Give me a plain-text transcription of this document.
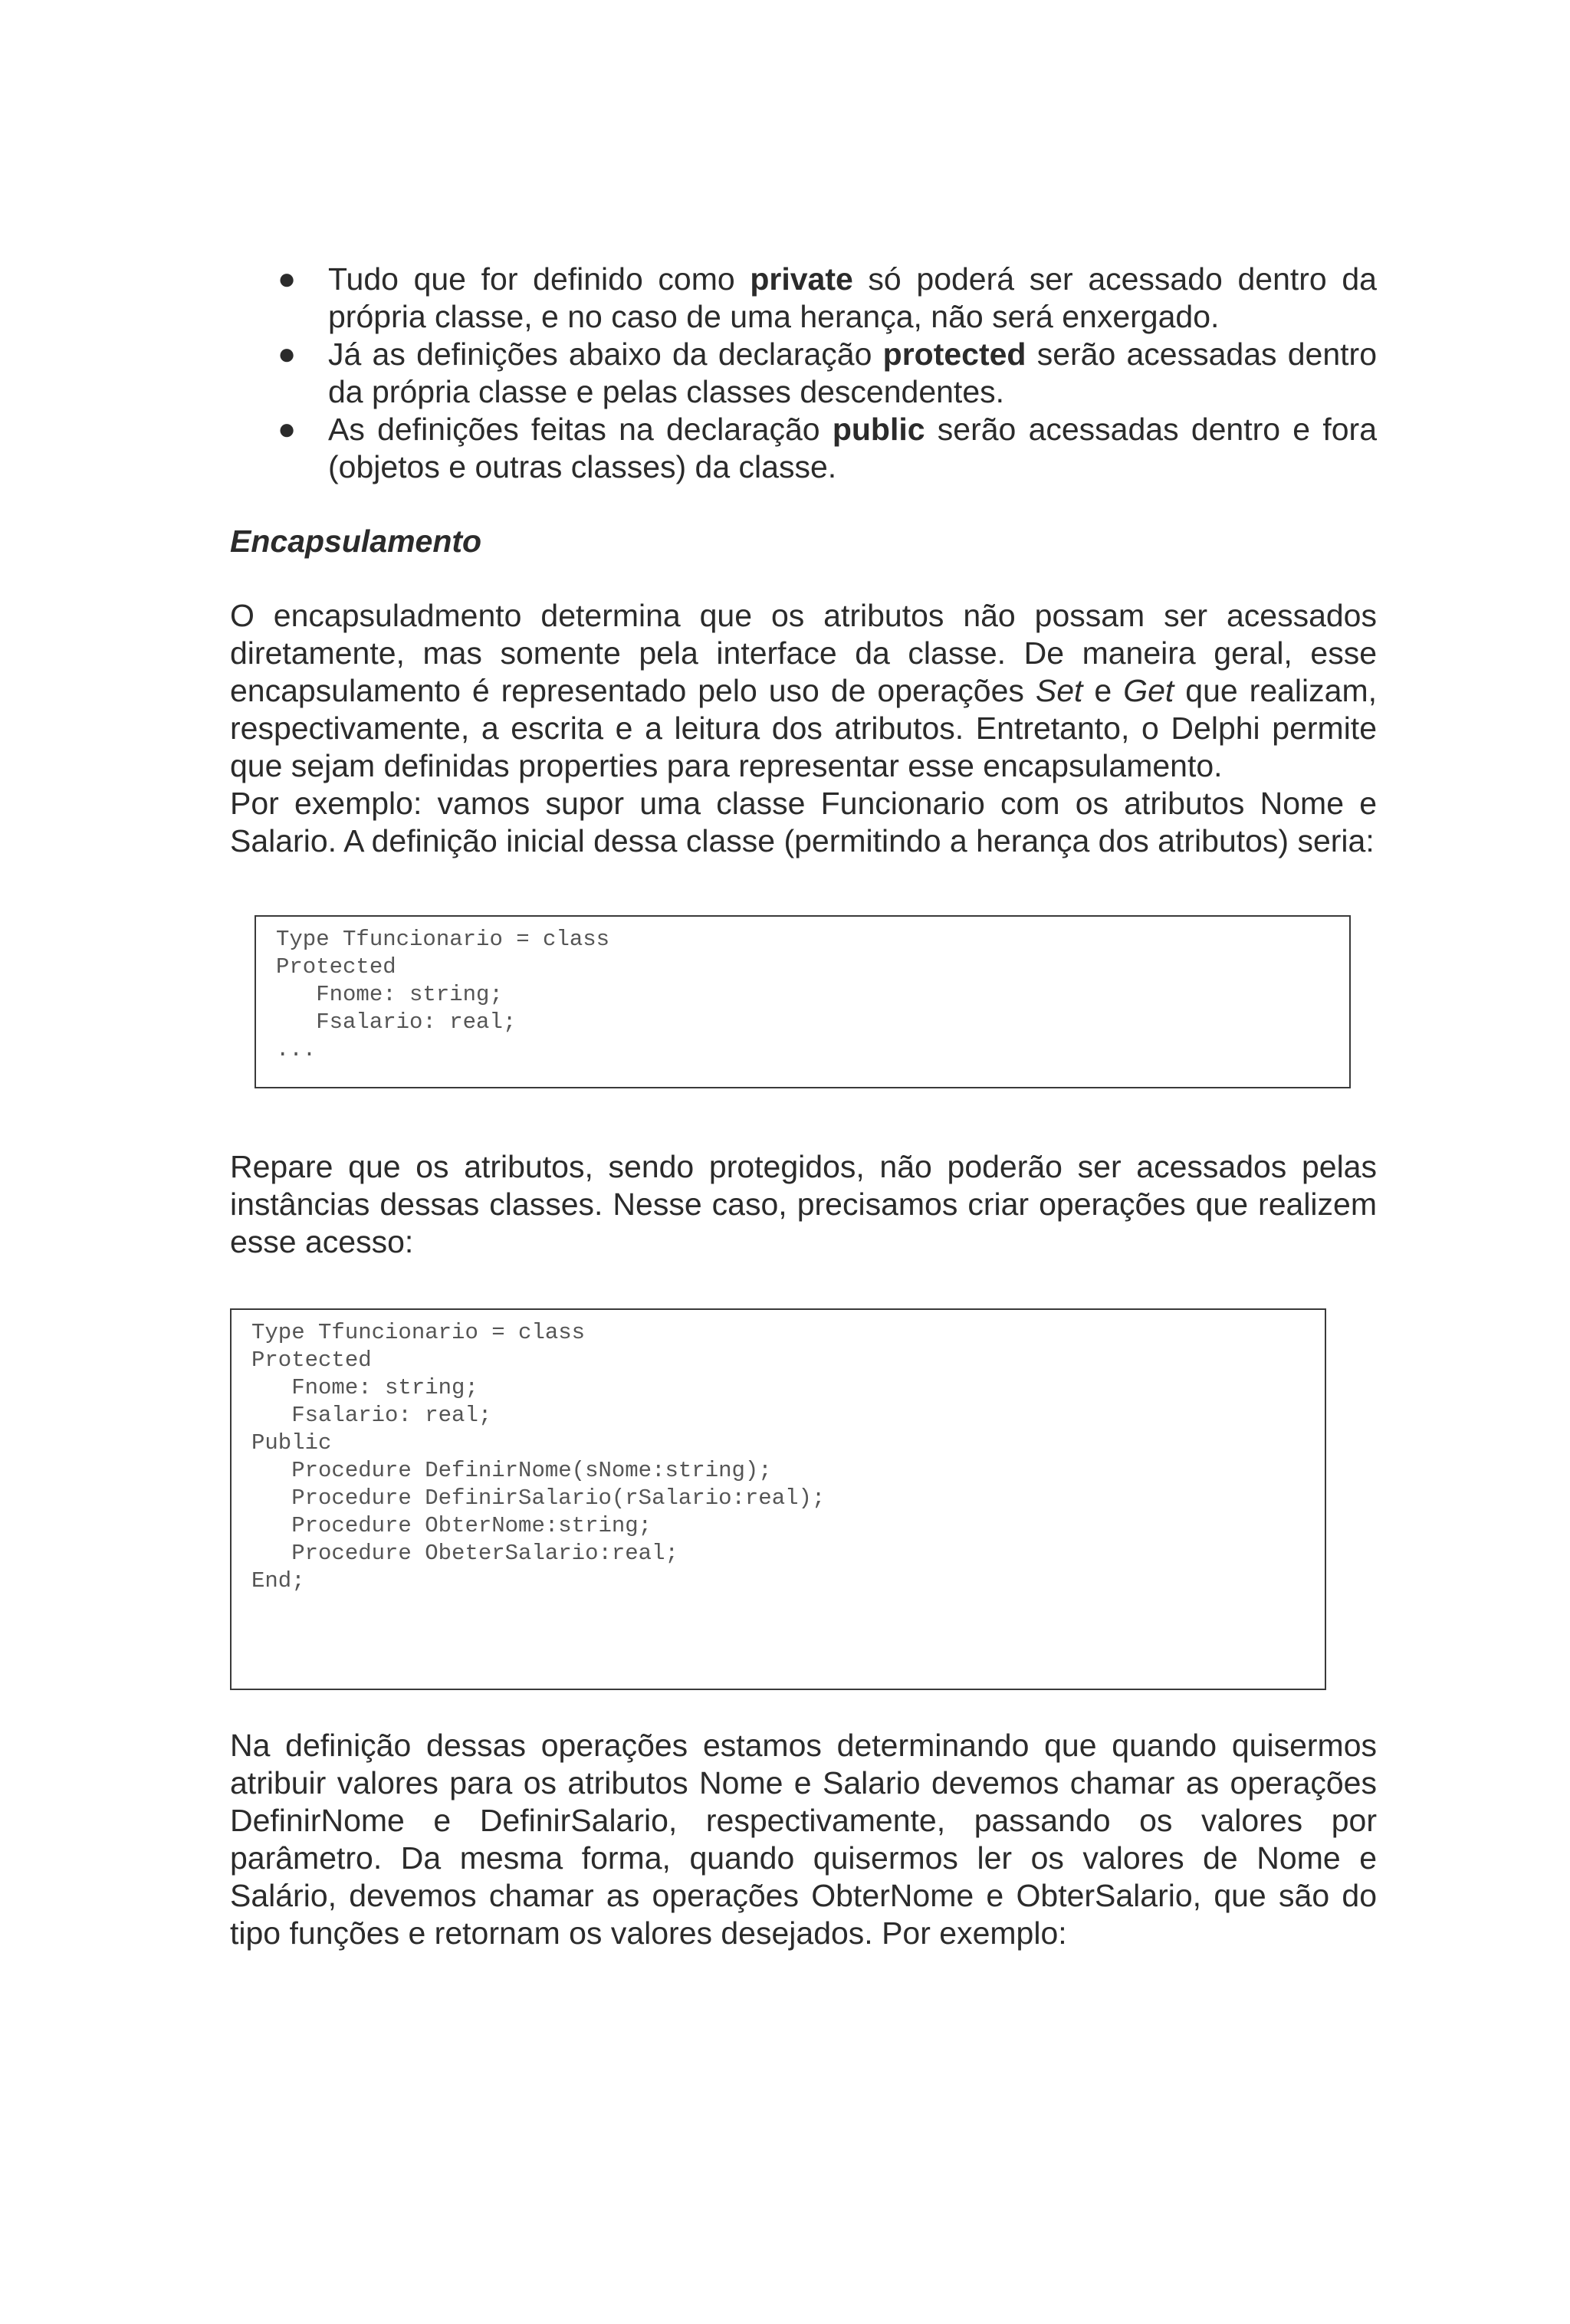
● Tudo que for definido como private só poderá ser acessado dentro da própria classe, e no caso de uma herança, não será enxergado.
● Já as definições abaixo da declaração protected serão acessadas dentro da própria classe e pelas classes descendentes.
● As definições feitas na declaração public serão acessadas dentro e fora (objetos e outras classes) da classe.
Encapsulamento

O encapsuladmento determina que os atributos não possam ser acessados diretamente, mas somente pela interface da classe. De maneira geral, esse encapsulamento é representado pelo uso de operações Set e Get que realizam, respectivamente, a escrita e a leitura dos atributos. Entretanto, o Delphi permite que sejam definidas properties para representar esse encapsulamento.

Por exemplo: vamos supor uma classe Funcionario com os atributos Nome e Salario. A definição inicial dessa classe (permitindo a herança dos atributos) seria:

Type Tfuncionario = class
Protected
Fnome: string;
Fsalario: real;
...

Repare que os atributos, sendo protegidos, não poderão ser acessados pelas instâncias dessas classes. Nesse caso, precisamos criar operações que realizem esse acesso:

Type Tfuncionario = class
Protected
Fnome: string;
Fsalario: real;
Public
Procedure DefinirNome(sNome:string);
Procedure DefinirSalario(rSalario:real);
Procedure ObterNome:string;
Procedure ObeterSalario:real;
End;

Na definição dessas operações estamos determinando que quando quisermos atribuir valores para os atributos Nome e Salario devemos chamar as operações DefinirNome e DefinirSalario, respectivamente, passando os valores por parâmetro. Da mesma forma, quando quisermos ler os valores de Nome e Salário, devemos chamar as operações ObterNome e ObterSalario, que são do tipo funções e retornam os valores desejados. Por exemplo:
